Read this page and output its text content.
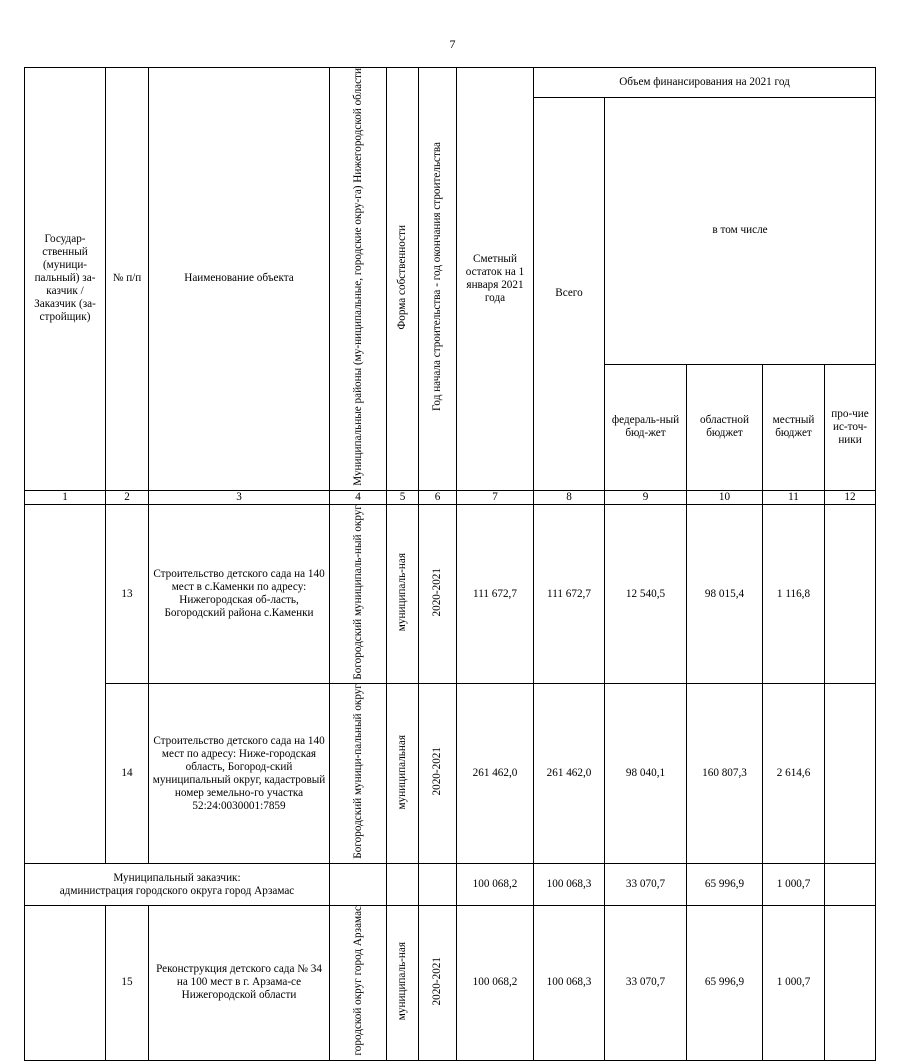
7
Государ-ственный (муници-пальный) за-казчик / Заказчик (за-стройщик)	№ п/п	Наименование объекта	Муниципальные районы (му-ниципальные, городские окру-га) Нижегородской области	Форма собственности	Год начала строительства - год окончания строительства	Сметный остаток на 1 января 2021 года	Объем финансирования на 2021 год				
							Всего	в том числе			
								федераль-ный бюд-жет	областной бюджет	местный бюджет	про-чие ис-точ-ники
1	2	3	4	5	6	7	8	9	10	11	12
	13	Строительство детского сада на 140 мест в с.Каменки по адресу: Нижегородская об-ласть, Богородский района с.Каменки	Богородский муниципаль-ный округ	муниципаль-ная	2020-2021	111 672,7	111 672,7	12 540,5	98 015,4	1 116,8	
	14	Строительство детского сада на 140 мест по адресу: Ниже-городская область, Богород-ский муниципальный округ, кадастровый номер земельно-го участка 52:24:0030001:7859	Богородский муници-пальный округ	муниципальная	2020-2021	261 462,0	261 462,0	98 040,1	160 807,3	2 614,6	

Муниципальный заказчик:
администрация городского округа город Арзамас						100 068,2	100 068,3	33 070,7	65 996,9	1 000,7	
	15	Реконструкция детского сада № 34 на 100 мест в г. Арзама-се Нижегородской области	городской округ город Арзамас	муниципаль-ная	2020-2021	100 068,2	100 068,3	33 070,7	65 996,9	1 000,7	
